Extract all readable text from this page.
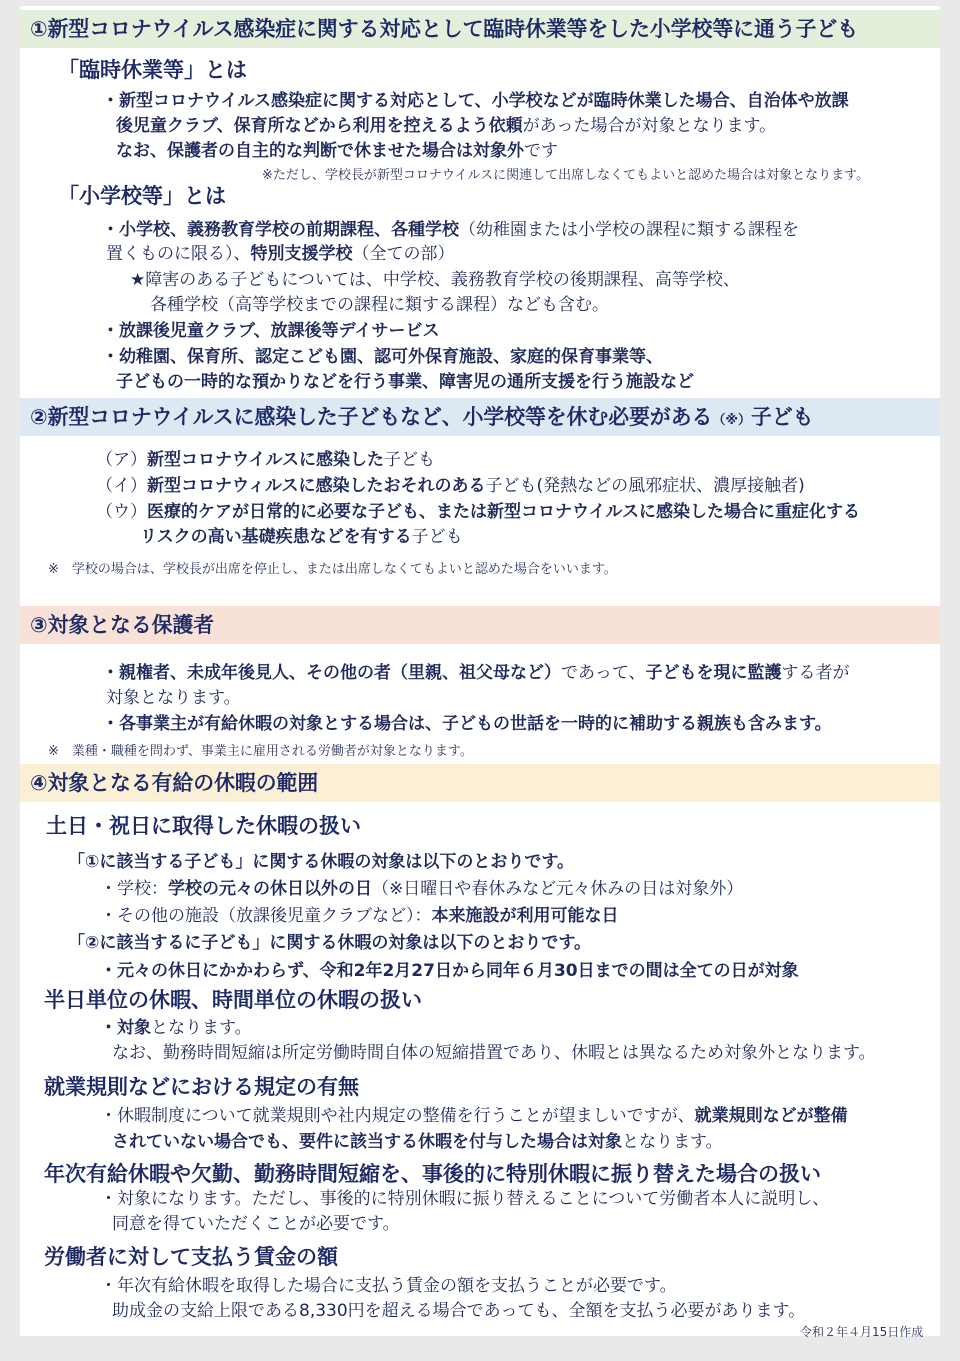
①新型コロナウイルス感染症に関する対応として臨時休業等をした小学校等に通う子ども
「臨時休業等」とは
・新型コロナウイルス感染症に関する対応として、小学校などが臨時休業した場合、自治体や放課
後児童クラブ、保育所などから利用を控えるよう依頼があった場合が対象となります。
なお、保護者の自主的な判断で休ませた場合は対象外です
※ただし、学校長が新型コロナウイルスに関連して出席しなくてもよいと認めた場合は対象となります。
「小学校等」とは
・小学校、義務教育学校の前期課程、各種学校（幼稚園または小学校の課程に類する課程を
置くものに限る）、特別支援学校（全ての部）
★障害のある子どもについては、中学校、義務教育学校の後期課程、高等学校、
各種学校（高等学校までの課程に類する課程）なども含む。
・放課後児童クラブ、放課後等デイサービス
・幼稚園、保育所、認定こども園、認可外保育施設、家庭的保育事業等、
子どもの一時的な預かりなどを行う事業、障害児の通所支援を行う施設など
②新型コロナウイルスに感染した子どもなど、小学校等を休む必要がある（※）子ども
（ア）新型コロナウイルスに感染した子ども
（イ）新型コロナウィルスに感染したおそれのある子ども(発熱などの風邪症状、濃厚接触者)
（ウ）医療的ケアが日常的に必要な子ども、または新型コロナウイルスに感染した場合に重症化する
リスクの高い基礎疾患などを有する子ども
※　学校の場合は、学校長が出席を停止し、または出席しなくてもよいと認めた場合をいいます。
③対象となる保護者
・親権者、未成年後見人、その他の者（里親、祖父母など）であって、子どもを現に監護する者が
対象となります。
・各事業主が有給休暇の対象とする場合は、子どもの世話を一時的に補助する親族も含みます。
※　業種・職種を問わず、事業主に雇用される労働者が対象となります。
④対象となる有給の休暇の範囲
土日・祝日に取得した休暇の扱い
「①に該当する子ども」に関する休暇の対象は以下のとおりです。
・学校：学校の元々の休日以外の日（※日曜日や春休みなど元々休みの日は対象外）
・その他の施設（放課後児童クラブなど）：本来施設が利用可能な日
「②に該当するに子ども」に関する休暇の対象は以下のとおりです。
・元々の休日にかかわらず、令和2年2月27日から同年６月30日までの間は全ての日が対象
半日単位の休暇、時間単位の休暇の扱い
・対象となります。
なお、勤務時間短縮は所定労働時間自体の短縮措置であり、休暇とは異なるため対象外となります。
就業規則などにおける規定の有無
・休暇制度について就業規則や社内規定の整備を行うことが望ましいですが、就業規則などが整備
されていない場合でも、要件に該当する休暇を付与した場合は対象となります。
年次有給休暇や欠勤、勤務時間短縮を、事後的に特別休暇に振り替えた場合の扱い
・対象になります。ただし、事後的に特別休暇に振り替えることについて労働者本人に説明し、
同意を得ていただくことが必要です。
労働者に対して支払う賃金の額
・年次有給休暇を取得した場合に支払う賃金の額を支払うことが必要です。
助成金の支給上限である8,330円を超える場合であっても、全額を支払う必要があります。
令和２年４月15日作成
